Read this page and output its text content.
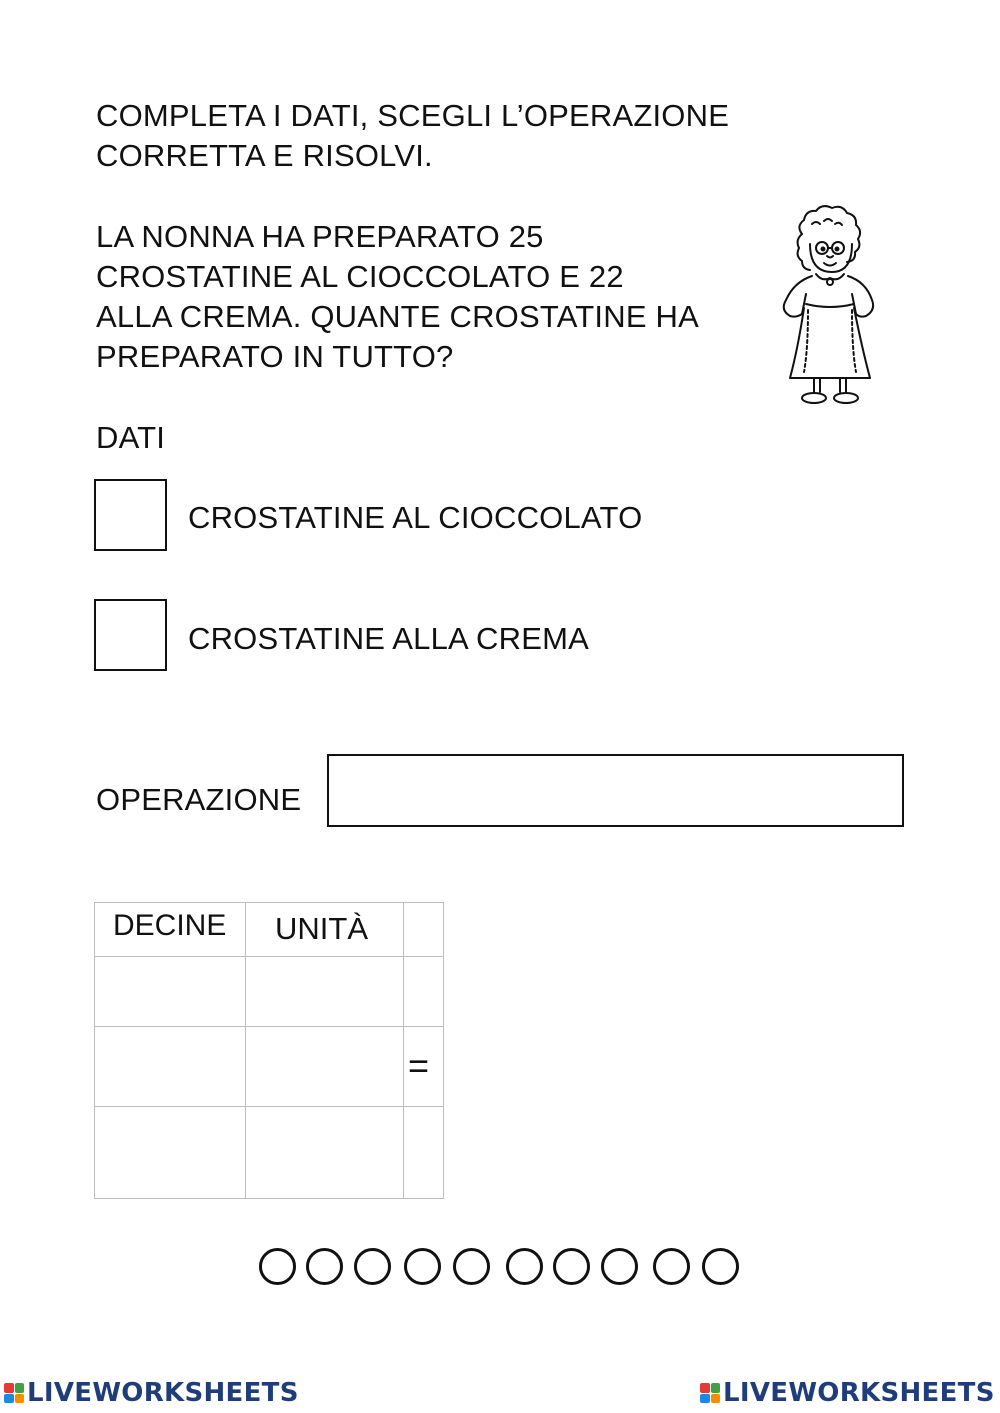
COMPLETA I DATI, SCEGLI L’OPERAZIONE
CORRETTA E RISOLVI.
LA NONNA HA PREPARATO 25
CROSTATINE AL CIOCCOLATO E 22
ALLA CREMA. QUANTE CROSTATINE HA
PREPARATO IN TUTTO?
DATI
CROSTATINE AL CIOCCOLATO
CROSTATINE ALLA CREMA
OPERAZIONE
DECINE UNITÀ
=
LIVEWORKSHEETS	LIVEWORKSHEETS
